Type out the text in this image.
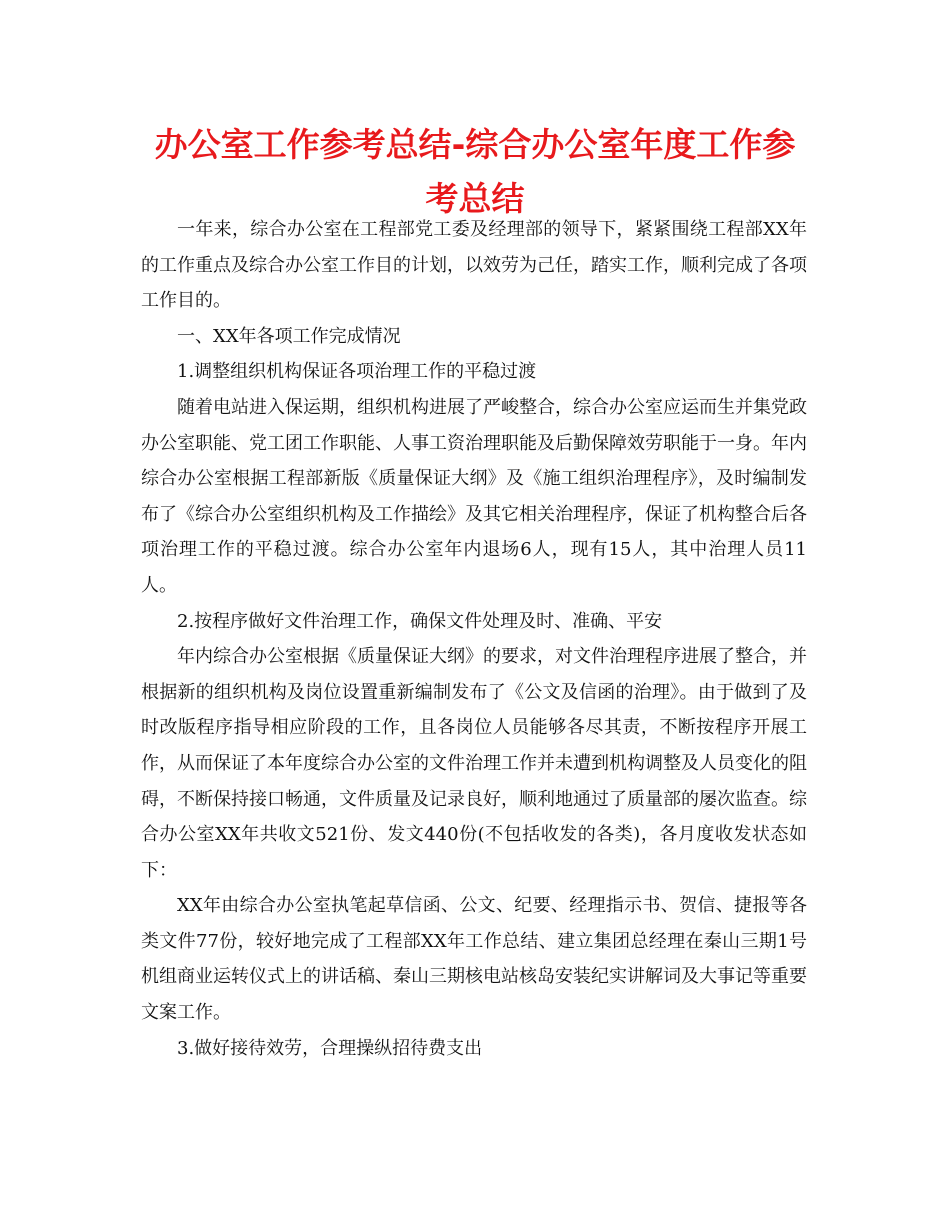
办公室工作参考总结-综合办公室年度工作参考总结

一年来，综合办公室在工程部党工委及经理部的领导下，紧紧围绕工程部XX年的工作重点及综合办公室工作目的计划，以效劳为己任，踏实工作，顺利完成了各项工作目的。

一、XX年各项工作完成情况

1.调整组织机构保证各项治理工作的平稳过渡

随着电站进入保运期，组织机构进展了严峻整合，综合办公室应运而生并集党政办公室职能、党工团工作职能、人事工资治理职能及后勤保障效劳职能于一身。年内综合办公室根据工程部新版《质量保证大纲》及《施工组织治理程序》，及时编制发布了《综合办公室组织机构及工作描绘》及其它相关治理程序，保证了机构整合后各项治理工作的平稳过渡。综合办公室年内退场6人，现有15人，其中治理人员11人。

2.按程序做好文件治理工作，确保文件处理及时、准确、平安

年内综合办公室根据《质量保证大纲》的要求，对文件治理程序进展了整合，并根据新的组织机构及岗位设置重新编制发布了《公文及信函的治理》。由于做到了及时改版程序指导相应阶段的工作，且各岗位人员能够各尽其责，不断按程序开展工作，从而保证了本年度综合办公室的文件治理工作并未遭到机构调整及人员变化的阻碍，不断保持接口畅通，文件质量及记录良好，顺利地通过了质量部的屡次监查。综合办公室XX年共收文521份、发文440份(不包括收发的各类)，各月度收发状态如下：

XX年由综合办公室执笔起草信函、公文、纪要、经理指示书、贺信、捷报等各类文件77份，较好地完成了工程部XX年工作总结、建立集团总经理在秦山三期1号机组商业运转仪式上的讲话稿、秦山三期核电站核岛安装纪实讲解词及大事记等重要文案工作。

3.做好接待效劳，合理操纵招待费支出
